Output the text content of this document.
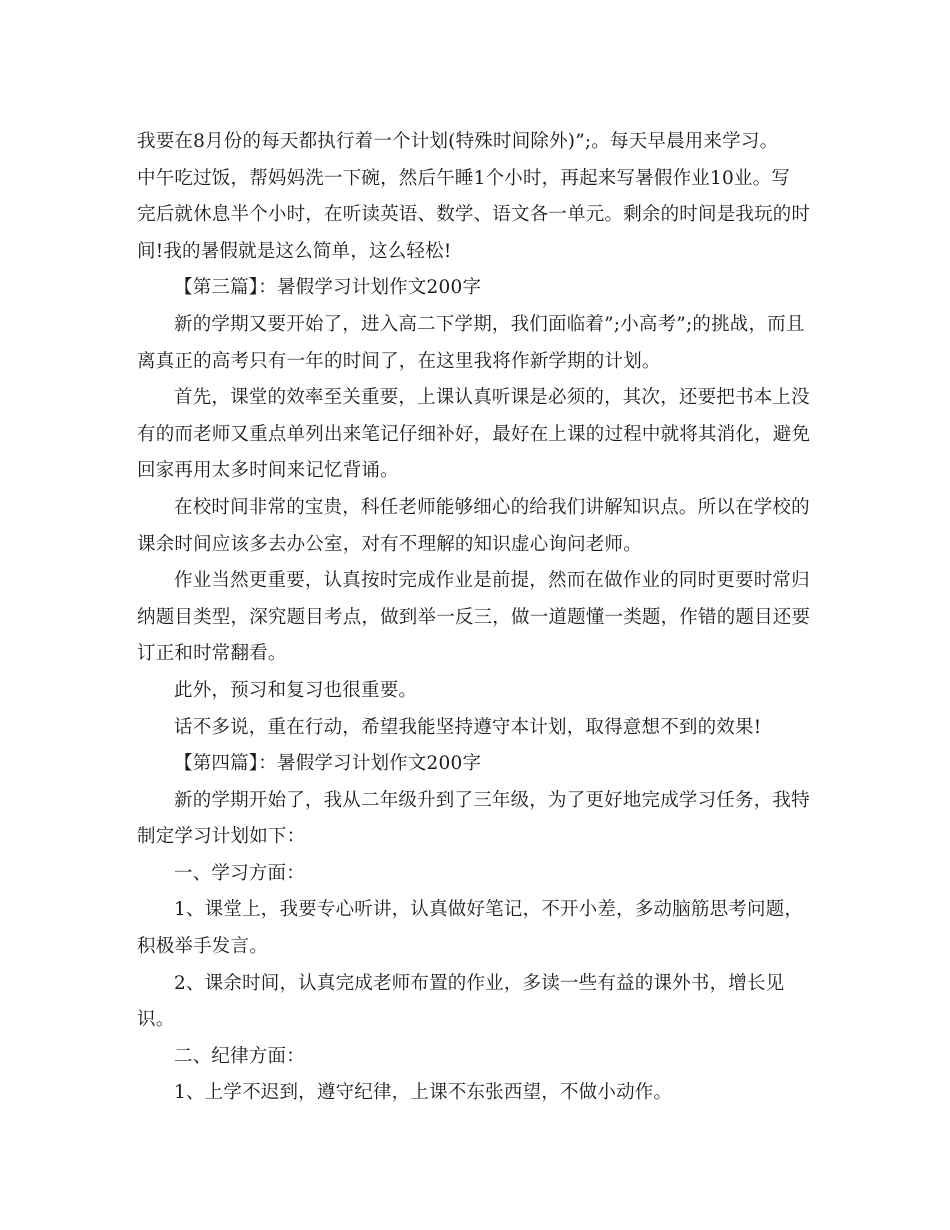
我要在8月份的每天都执行着一个计划(特殊时间除外)”;。每天早晨用来学习。

中午吃过饭，帮妈妈洗一下碗，然后午睡1个小时，再起来写暑假作业10业。写

完后就休息半个小时，在听读英语、数学、语文各一单元。剩余的时间是我玩的时

间!我的暑假就是这么简单，这么轻松!

【第三篇】：暑假学习计划作文200字

新的学期又要开始了，进入高二下学期，我们面临着”;小高考”;的挑战，而且

离真正的高考只有一年的时间了，在这里我将作新学期的计划。

首先，课堂的效率至关重要，上课认真听课是必须的，其次，还要把书本上没

有的而老师又重点单列出来笔记仔细补好，最好在上课的过程中就将其消化，避免

回家再用太多时间来记忆背诵。

在校时间非常的宝贵，科任老师能够细心的给我们讲解知识点。所以在学校的

课余时间应该多去办公室，对有不理解的知识虚心询问老师。

作业当然更重要，认真按时完成作业是前提，然而在做作业的同时更要时常归

纳题目类型，深究题目考点，做到举一反三，做一道题懂一类题，作错的题目还要

订正和时常翻看。

此外，预习和复习也很重要。

话不多说，重在行动，希望我能坚持遵守本计划，取得意想不到的效果!

【第四篇】：暑假学习计划作文200字

新的学期开始了，我从二年级升到了三年级，为了更好地完成学习任务，我特

制定学习计划如下：

一、学习方面：

1、课堂上，我要专心听讲，认真做好笔记，不开小差，多动脑筋思考问题，

积极举手发言。

2、课余时间，认真完成老师布置的作业，多读一些有益的课外书，增长见

识。

二、纪律方面：

1、上学不迟到，遵守纪律，上课不东张西望，不做小动作。
